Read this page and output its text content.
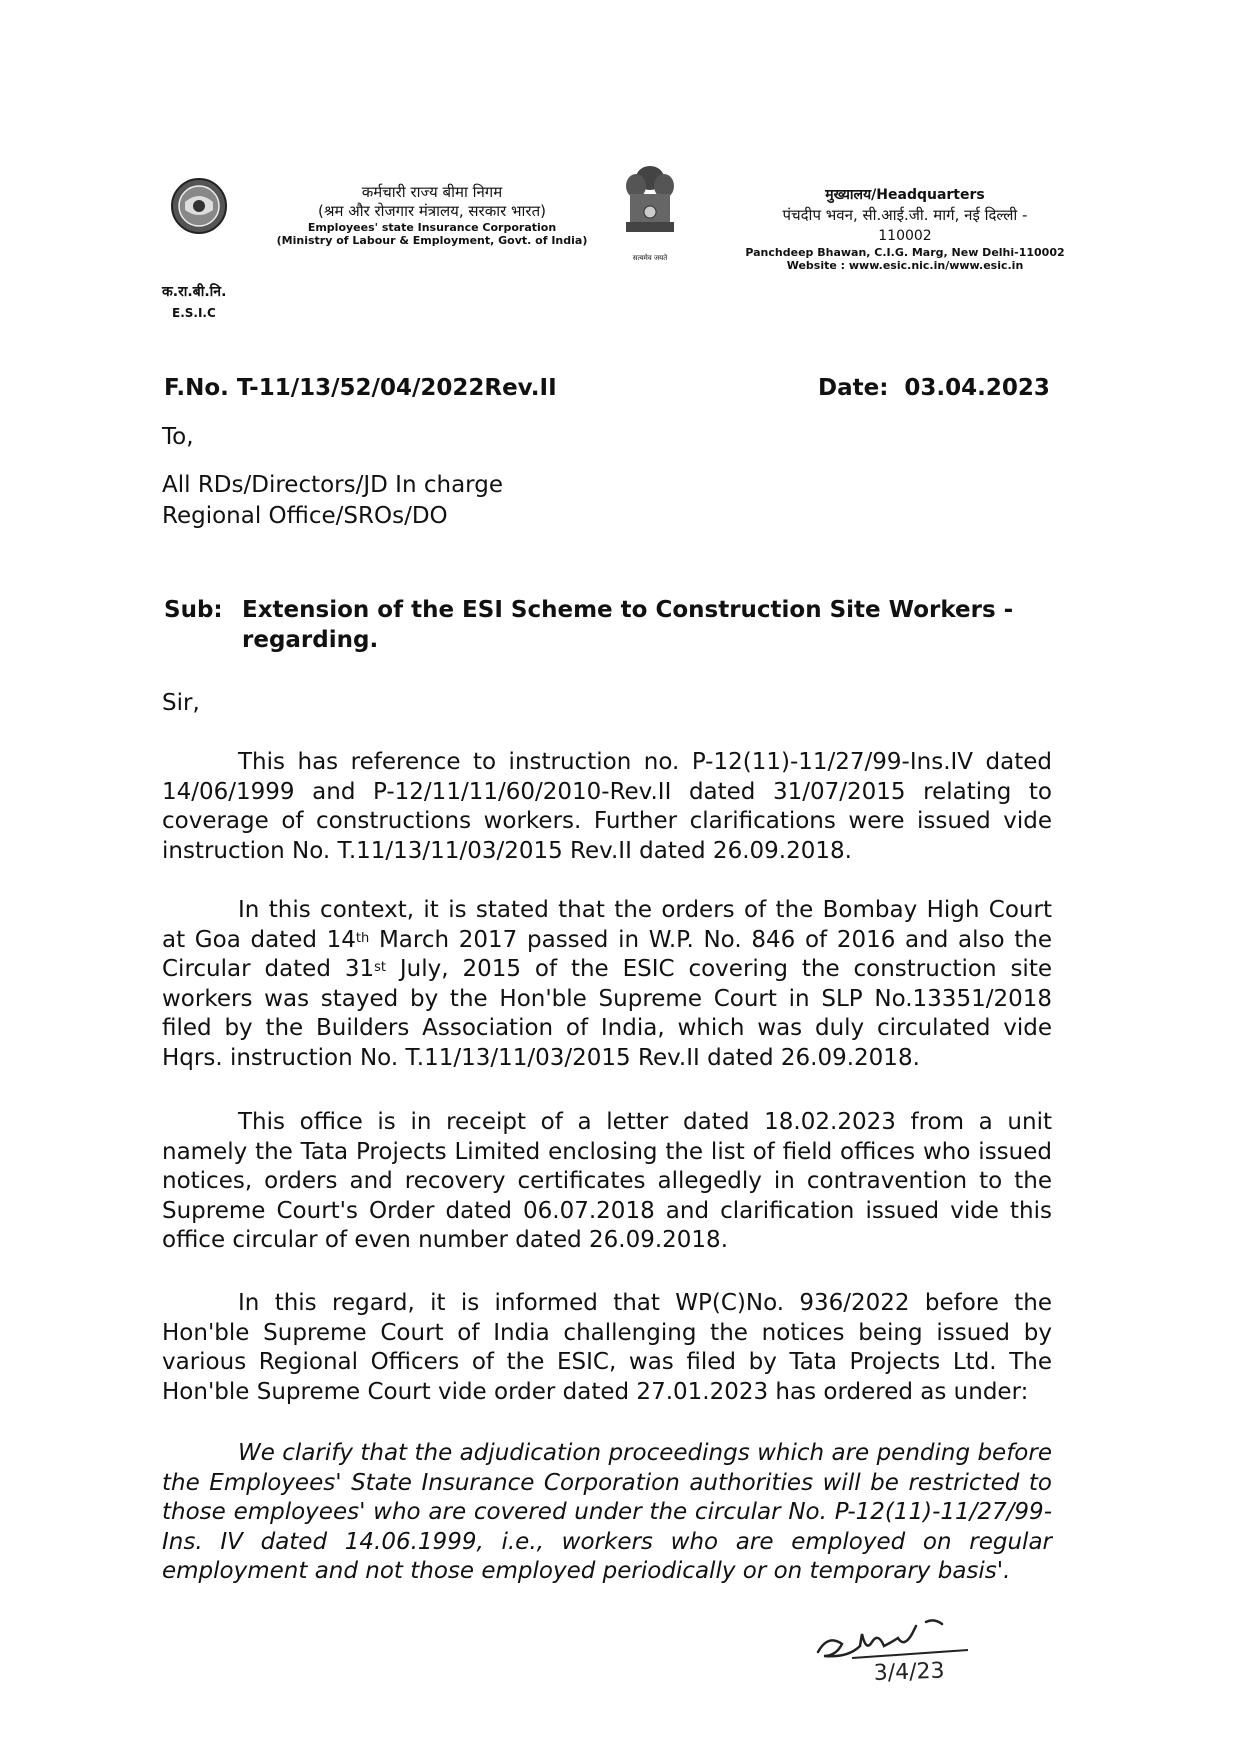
कर्मचारी राज्य बीमा निगम
(श्रम और रोजगार मंत्रालय, सरकार भारत)
Employees' state Insurance Corporation
(Ministry of Labour & Employment, Govt. of India)
सत्यमेव जयते
मुख्यालय/Headquarters
पंचदीप भवन, सी.आई.जी. मार्ग, नई दिल्ली -
110002
Panchdeep Bhawan, C.I.G. Marg, New Delhi-110002
Website : www.esic.nic.in/www.esic.in
क.रा.बी.नि.
E.S.I.C
F.No. T-11/13/52/04/2022Rev.II	Date: 03.04.2023
To,
All RDs/Directors/JD In charge
Regional Office/SROs/DO
Sub: Extension of the ESI Scheme to Construction Site Workers -
regarding.
Sir,

This has reference to instruction no. P-12(11)-11/27/99-Ins.IV dated 14/06/1999 and P-12/11/11/60/2010-Rev.II dated 31/07/2015 relating to coverage of constructions workers. Further clarifications were issued vide instruction No. T.11/13/11/03/2015 Rev.II dated 26.09.2018.

In this context, it is stated that the orders of the Bombay High Court at Goa dated 14th March 2017 passed in W.P. No. 846 of 2016 and also the Circular dated 31st July, 2015 of the ESIC covering the construction site workers was stayed by the Hon'ble Supreme Court in SLP No.13351/2018 filed by the Builders Association of India, which was duly circulated vide Hqrs. instruction No. T.11/13/11/03/2015 Rev.II dated 26.09.2018.

This office is in receipt of a letter dated 18.02.2023 from a unit namely the Tata Projects Limited enclosing the list of field offices who issued notices, orders and recovery certificates allegedly in contravention to the Supreme Court's Order dated 06.07.2018 and clarification issued vide this office circular of even number dated 26.09.2018.

In this regard, it is informed that WP(C)No. 936/2022 before the Hon'ble Supreme Court of India challenging the notices being issued by various Regional Officers of the ESIC, was filed by Tata Projects Ltd. The Hon'ble Supreme Court vide order dated 27.01.2023 has ordered as under:

We clarify that the adjudication proceedings which are pending before the Employees' State Insurance Corporation authorities will be restricted to those employees' who are covered under the circular No. P-12(11)-11/27/99-Ins. IV dated 14.06.1999, i.e., workers who are employed on regular employment and not those employed periodically or on temporary basis'.

3/4/23
